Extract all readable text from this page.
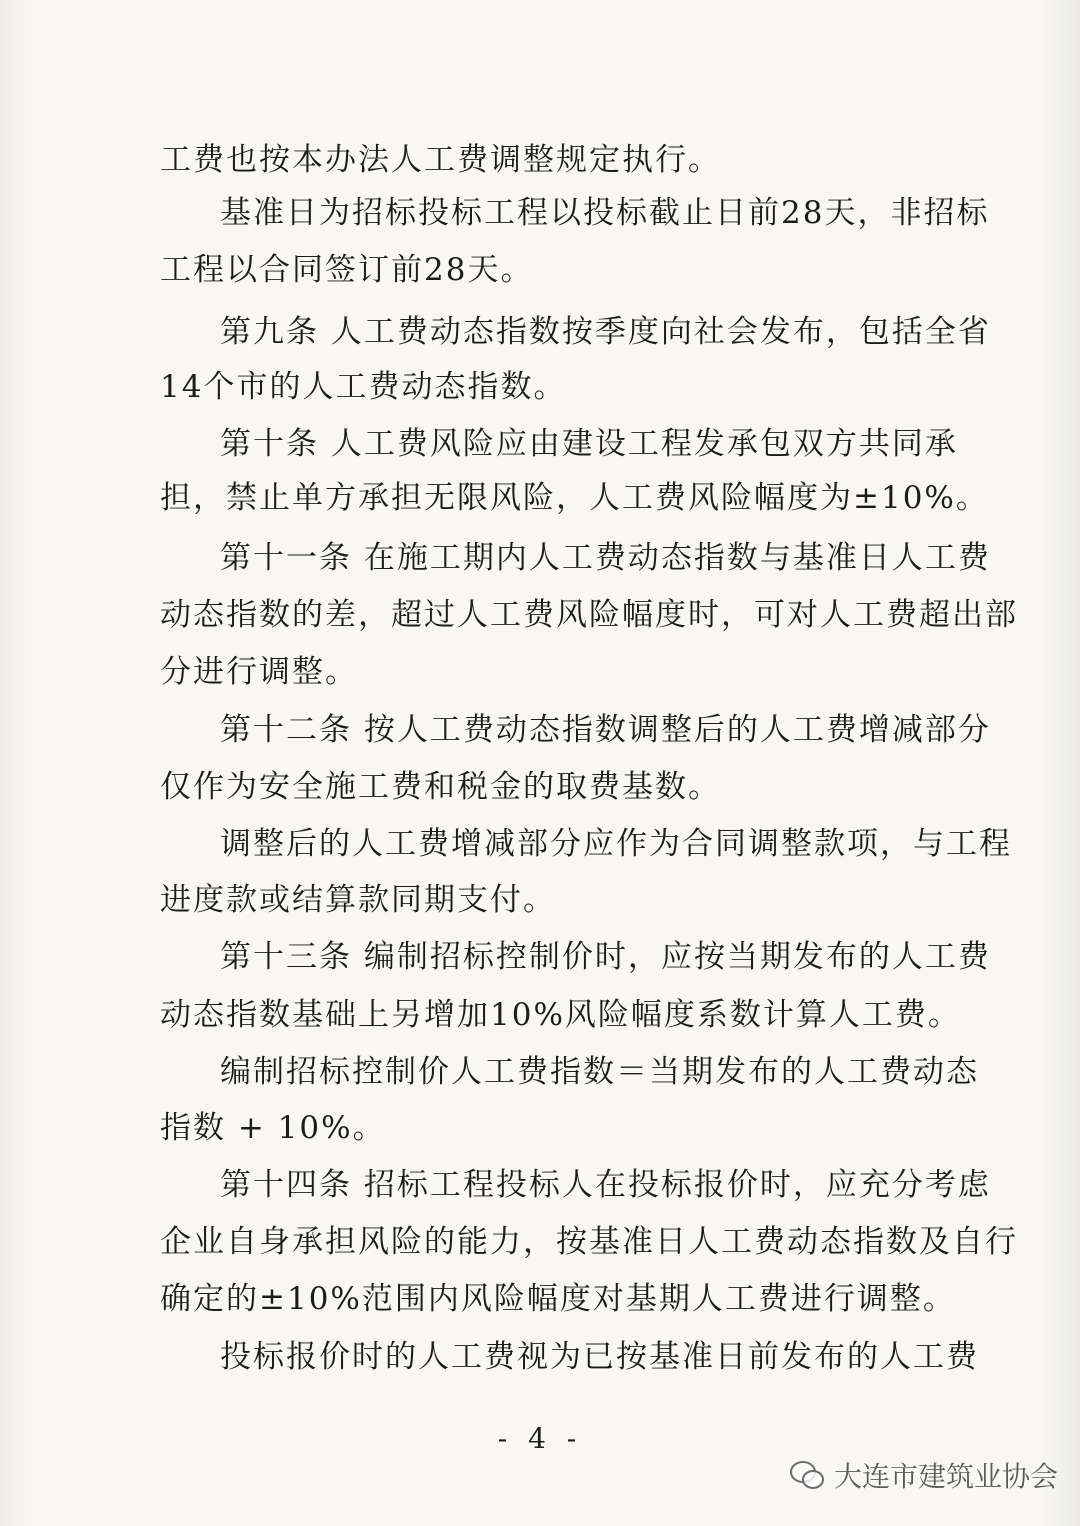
工费也按本办法人工费调整规定执行。
基准日为招标投标工程以投标截止日前28天，非招标
工程以合同签订前28天。
第九条 人工费动态指数按季度向社会发布，包括全省
14个市的人工费动态指数。
第十条 人工费风险应由建设工程发承包双方共同承
担，禁止单方承担无限风险，人工费风险幅度为±10%。
第十一条 在施工期内人工费动态指数与基准日人工费
动态指数的差，超过人工费风险幅度时，可对人工费超出部
分进行调整。
第十二条 按人工费动态指数调整后的人工费增减部分
仅作为安全施工费和税金的取费基数。
调整后的人工费增减部分应作为合同调整款项，与工程
进度款或结算款同期支付。
第十三条 编制招标控制价时，应按当期发布的人工费
动态指数基础上另增加10%风险幅度系数计算人工费。
编制招标控制价人工费指数＝当期发布的人工费动态
指数 + 10%。
第十四条 招标工程投标人在投标报价时，应充分考虑
企业自身承担风险的能力，按基准日人工费动态指数及自行
确定的±10%范围内风险幅度对基期人工费进行调整。
投标报价时的人工费视为已按基准日前发布的人工费
- 4 -
大连市建筑业协会
